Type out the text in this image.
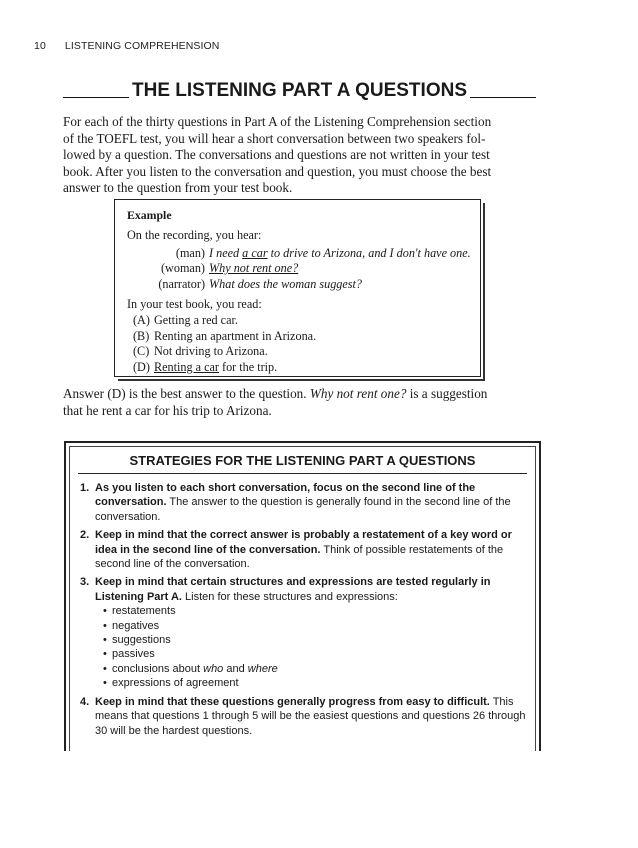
10 LISTENING COMPREHENSION
THE LISTENING PART A QUESTIONS

For each of the thirty questions in Part A of the Listening Comprehension section
of the TOEFL test, you will hear a short conversation between two speakers fol-
lowed by a question. The conversations and questions are not written in your test
book. After you listen to the conversation and question, you must choose the best
answer to the question from your test book.

Example
On the recording, you hear:
(man) I need a car to drive to Arizona, and I don't have one.
(woman) Why not rent one?
(narrator) What does the woman suggest?
In your test book, you read:
(A) Getting a red car.
(B) Renting an apartment in Arizona.
(C) Not driving to Arizona.
(D) Renting a car for the trip.

Answer (D) is the best answer to the question. Why not rent one? is a suggestion
that he rent a car for his trip to Arizona.

STRATEGIES FOR THE LISTENING PART A QUESTIONS
1. As you listen to each short conversation, focus on the second line of the conversation. The answer to the question is generally found in the second line of the conversation.
2. Keep in mind that the correct answer is probably a restatement of a key word or idea in the second line of the conversation. Think of possible restatements of the second line of the conversation.
3. Keep in mind that certain structures and expressions are tested regularly in Listening Part A. Listen for these structures and expressions:
• restatements
• negatives
• suggestions
• passives
• conclusions about who and where
• expressions of agreement
4. Keep in mind that these questions generally progress from easy to difficult. This means that questions 1 through 5 will be the easiest questions and questions 26 through 30 will be the hardest questions.
